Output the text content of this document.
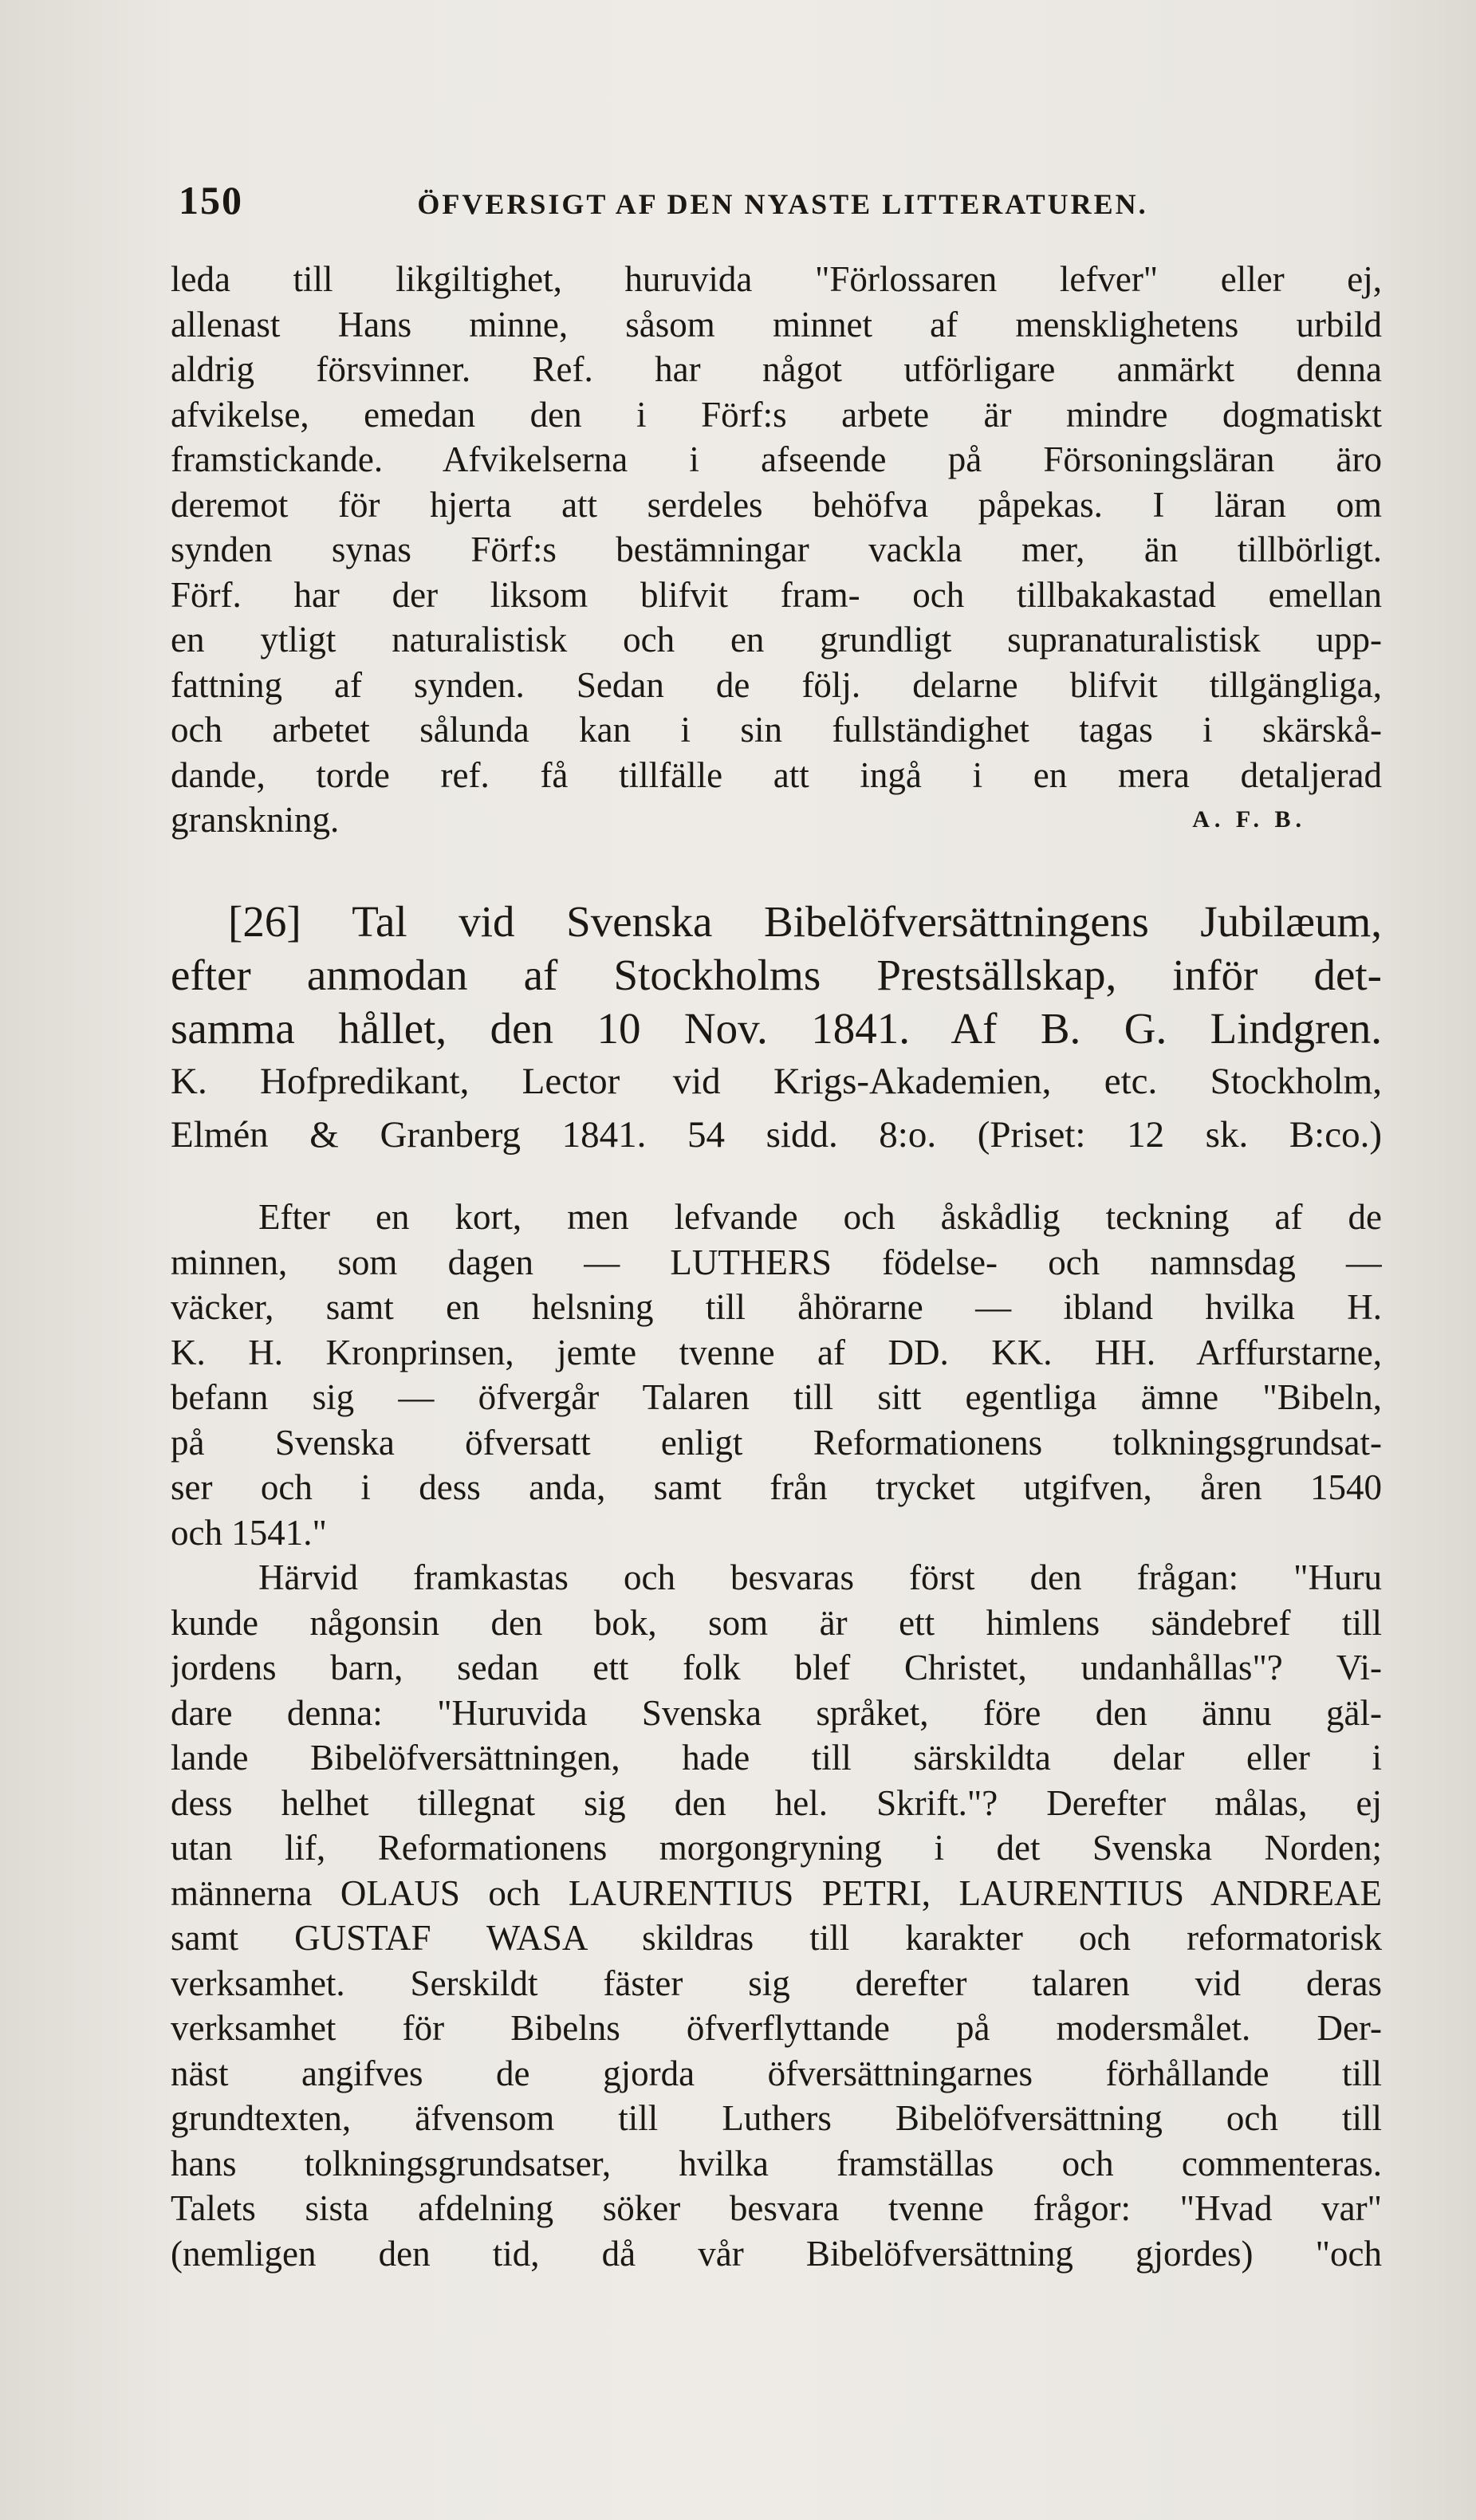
150	ÖFVERSIGT AF DEN NYASTE LITTERATUREN.
leda till likgiltighet, huruvida "Förlossaren lefver" eller ej,
allenast Hans minne, såsom minnet af mensklighetens urbild
aldrig försvinner. Ref. har något utförligare anmärkt denna
afvikelse, emedan den i Förf:s arbete är mindre dogmatiskt
framstickande. Afvikelserna i afseende på Försoningsläran äro
deremot för hjerta att serdeles behöfva påpekas. I läran om
synden synas Förf:s bestämningar vackla mer, än tillbörligt.
Förf. har der liksom blifvit fram- och tillbakakastad emellan
en ytligt naturalistisk och en grundligt supranaturalistisk upp-
fattning af synden. Sedan de följ. delarne blifvit tillgängliga,
och arbetet sålunda kan i sin fullständighet tagas i skärskå-
dande, torde ref. få tillfälle att ingå i en mera detaljerad
granskning.	A. F. B.
[26] Tal vid Svenska Bibelöfversättningens Jubilæum,
efter anmodan af Stockholms Prestsällskap, inför det-
samma hållet, den 10 Nov. 1841. Af B. G. Lindgren.
K. Hofpredikant, Lector vid Krigs-Akademien, etc. Stockholm,
Elmén & Granberg 1841. 54 sidd. 8:o. (Priset: 12 sk. B:co.)
Efter en kort, men lefvande och åskådlig teckning af de
minnen, som dagen — LUTHERS födelse- och namnsdag —
väcker, samt en helsning till åhörarne — ibland hvilka H.
K. H. Kronprinsen, jemte tvenne af DD. KK. HH. Arffurstarne,
befann sig — öfvergår Talaren till sitt egentliga ämne "Bibeln,
på Svenska öfversatt enligt Reformationens tolkningsgrundsat-
ser och i dess anda, samt från trycket utgifven, åren 1540
och 1541."
Härvid framkastas och besvaras först den frågan: "Huru
kunde någonsin den bok, som är ett himlens sändebref till
jordens barn, sedan ett folk blef Christet, undanhållas"? Vi-
dare denna: "Huruvida Svenska språket, före den ännu gäl-
lande Bibelöfversättningen, hade till särskildta delar eller i
dess helhet tillegnat sig den hel. Skrift."? Derefter målas, ej
utan lif, Reformationens morgongryning i det Svenska Norden;
männerna OLAUS och LAURENTIUS PETRI, LAURENTIUS ANDREAE
samt GUSTAF WASA skildras till karakter och reformatorisk
verksamhet. Serskildt fäster sig derefter talaren vid deras
verksamhet för Bibelns öfverflyttande på modersmålet. Der-
näst angifves de gjorda öfversättningarnes förhållande till
grundtexten, äfvensom till Luthers Bibelöfversättning och till
hans tolkningsgrundsatser, hvilka framställas och commenteras.
Talets sista afdelning söker besvara tvenne frågor: "Hvad var"
(nemligen den tid, då vår Bibelöfversättning gjordes) "och
